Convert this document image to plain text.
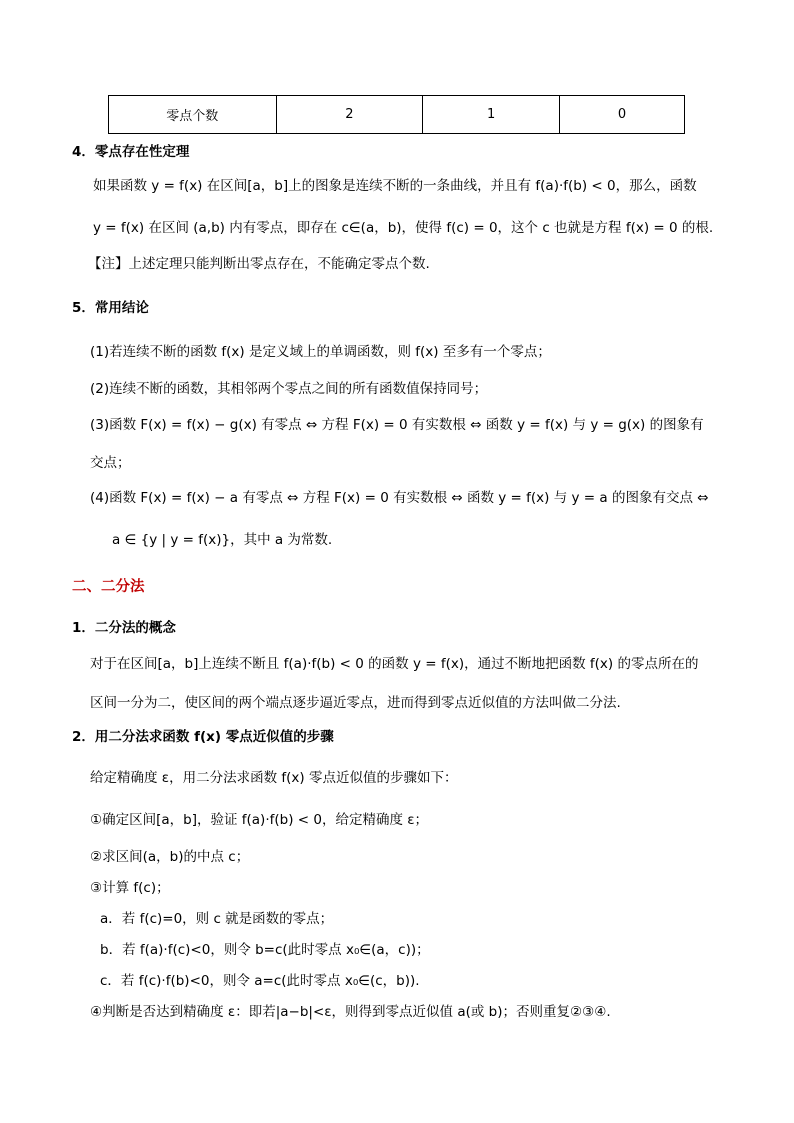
零点个数	2	1	0
4．零点存在性定理
如果函数 y = f(x) 在区间[a，b]上的图象是连续不断的一条曲线，并且有 f(a)·f(b) < 0，那么，函数
y = f(x) 在区间 (a,b) 内有零点，即存在 c∈(a，b)，使得 f(c) = 0，这个 c 也就是方程 f(x) = 0 的根.
【注】上述定理只能判断出零点存在，不能确定零点个数.
5．常用结论
(1)若连续不断的函数 f(x) 是定义域上的单调函数，则 f(x) 至多有一个零点；
(2)连续不断的函数，其相邻两个零点之间的所有函数值保持同号；
(3)函数 F(x) = f(x) − g(x) 有零点 ⇔ 方程 F(x) = 0 有实数根 ⇔ 函数 y = f(x) 与 y = g(x) 的图象有
交点；
(4)函数 F(x) = f(x) − a 有零点 ⇔ 方程 F(x) = 0 有实数根 ⇔ 函数 y = f(x) 与 y = a 的图象有交点 ⇔
a ∈ {y | y = f(x)}，其中 a 为常数.
二、二分法
1．二分法的概念
对于在区间[a，b]上连续不断且 f(a)·f(b) < 0 的函数 y = f(x)，通过不断地把函数 f(x) 的零点所在的
区间一分为二，使区间的两个端点逐步逼近零点，进而得到零点近似值的方法叫做二分法.
2．用二分法求函数 f(x) 零点近似值的步骤
给定精确度 ε，用二分法求函数 f(x) 零点近似值的步骤如下：
①确定区间[a，b]，验证 f(a)·f(b) < 0，给定精确度 ε；
②求区间(a，b)的中点 c；
③计算 f(c)；
a．若 f(c)=0，则 c 就是函数的零点；
b．若 f(a)·f(c)<0，则令 b=c(此时零点 x₀∈(a，c))；
c．若 f(c)·f(b)<0，则令 a=c(此时零点 x₀∈(c，b)).
④判断是否达到精确度 ε：即若|a−b|<ε，则得到零点近似值 a(或 b)；否则重复②③④.
